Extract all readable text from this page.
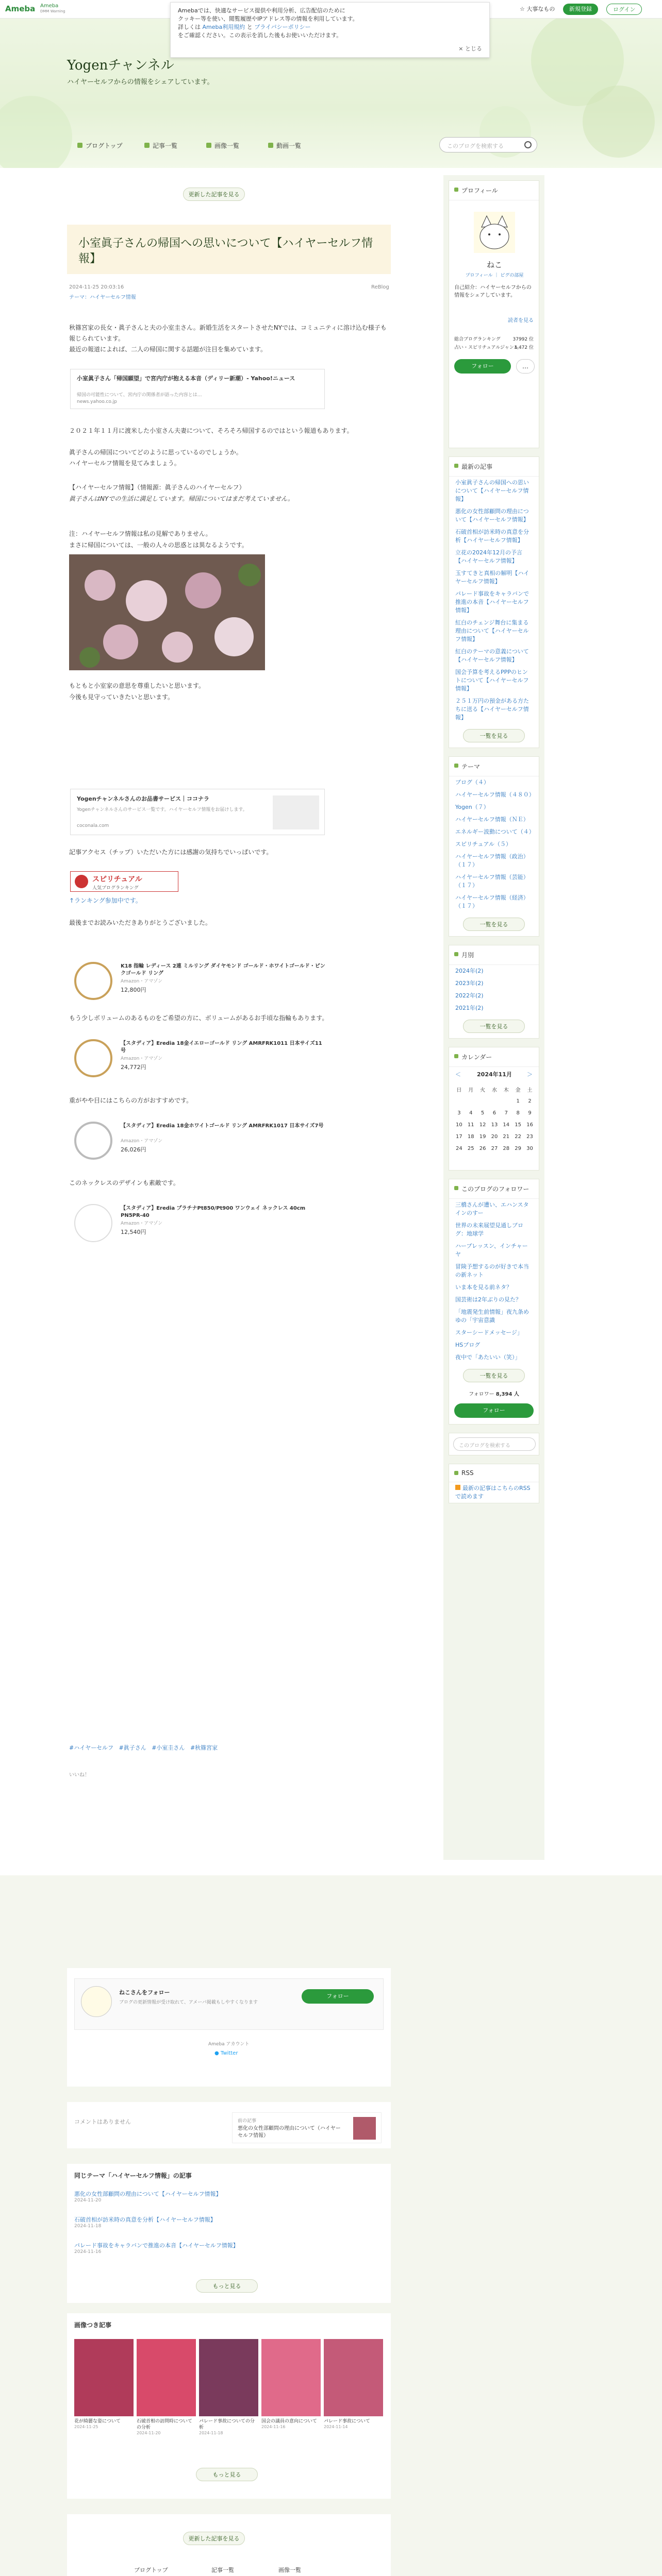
Ameba Ameba
DMM Warning	☆ 大事なもの	新規登録	ログイン
Amebaでは、快適なサービス提供や利用分析、広告配信のために
クッキー等を使い、閲覧履歴やIPアドレス等の情報を利用しています。
詳しくは Ameba利用規約 と プライバシーポリシー
をご確認ください。この表示を消した後もお使いいただけます。
× とじる
Yogenチャンネル
ハイヤーセルフからの情報をシェアしています。
ブログトップ	記事一覧	画像一覧	動画一覧	このブログを検索する
更新した記事を見る
小室眞子さんの帰国への思いについて【ハイヤーセルフ情報】
2024-11-25 20:03:16	ReBlog
テーマ：ハイヤーセルフ情報
秋篠宮家の長女・眞子さんと夫の小室圭さん。新婚生活をスタートさせたNYでは、コミュニティに溶け込む様子も報じられています。
最近の報道によれば、二人の帰国に関する話題が注目を集めています。
小室眞子さん「帰国願望」で宮内庁が抱える本音（ディリー新潮）- Yahoo!ニュース
帰国の可能性について、宮内庁の関係者が語った内容とは…
news.yahoo.co.jp
２０２１年１１月に渡米した小室さん夫妻について、そろそろ帰国するのではという報道もあります。
眞子さんの帰国についてどのように思っているのでしょうか。
ハイヤーセルフ情報を見てみましょう。
【ハイヤーセルフ情報】（情報源：眞子さんのハイヤーセルフ）
眞子さんはNYでの生活に満足しています。帰国についてはまだ考えていません。
注：ハイヤーセルフ情報は私の見解でありません。
まさに帰国については、一般の人々の思惑とは異なるようです。
もともと小室家の意思を尊重したいと思います。
今後も見守っていきたいと思います。
Yogenチャンネルさんのお品書サービス｜ココナラ
Yogenチャンネルさんのサービス一覧です。ハイヤーセルフ情報をお届けします。
coconala.com
記事アクセス（チップ）いただいた方には感謝の気持ちでいっぱいです。
スピリチュアル
人気ブログランキング
↑ランキング参加中です。
最後までお読みいただきありがとうございました。
K18 指輪 レディース 2連 ミルリング ダイヤモンド ゴールド・ホワイトゴールド・ピンクゴールド リング
Amazon・アマゾン
12,800円
もう少しボリュームのあるものをご希望の方に、ボリュームがあるお手頃な指輪もあります。
【スタディア】Eredia 18金イエローゴールド リング AMRFRK1011 日本サイズ11号
Amazon・アマゾン
24,772円
重がやや目にはこちらの方がおすすめです。
【スタディア】Eredia 18金ホワイトゴールド リング AMRFRK1017 日本サイズ7号
Amazon・アマゾン
26,026円
このネックレスのデザインも素敵です。
【スタディア】Eredia プラチナPt850/Pt900 ワンウェイ ネックレス 40cm PN5PR-40
Amazon・アマゾン
12,540円
#ハイヤーセルフ #眞子さん #小室圭さん #秋篠宮家
いいね！
プロフィール
ねこ
プロフィール ｜ ピグの部屋
自己紹介：ハイヤーセルフからの情報をシェアしています。
読者を見る
総合ブログランキング	37992 位
占い・スピリチュアルジャンル
1,472 位
フォロー	…
最新の記事
小室眞子さんの帰国への思いについて【ハイヤーセルフ情報】
悪化の女性部顧問の理由について【ハイヤーセルフ情報】
石破首相が訪米時の真意を分析【ハイヤーセルフ情報】
立花の2024年12月の予言【ハイヤーセルフ情報】
玉すてきと真相の解明【ハイヤーセルフ情報】
パレード事故をキャラバンで推進の本音【ハイヤーセルフ情報】
紅白のチェンジ舞台に集まる理由について【ハイヤーセルフ情報】
紅白のテーマの意義について【ハイヤーセルフ情報】
国会予算を考えるPPPのヒントについて【ハイヤーセルフ情報】
２５１万円の預金がある方たちに送る【ハイヤーセルフ情報】
一覧を見る
テーマ
ブログ（４）
ハイヤーセルフ情報（４８０）
Yogen（７）
ハイヤーセルフ情報（ＮＥ）
エネルギー波動について（４）
スピリチュアル（５）
ハイヤーセルフ情報（政治）（１７）
ハイヤーセルフ情報（芸能）（１７）
ハイヤーセルフ情報（経済）（１７）
一覧を見る
月別
2024年(2)
2023年(2)
2022年(2)
2021年(2)
一覧を見る
カレンダー
＜	2024年11月	＞
日	月	火	水	木	金	土
					1	2
3	4	5	6	7	8	9
10	11	12	13	14	15	16
17	18	19	20	21	22	23
24	25	26	27	28	29	30
このブログのフォロワー
三橋さんが遭い、エハンスタインのすー
世界の未来展望見通しブログ：地球学
ハーブレッスン、インチャーヤ
冒険予想するのが好きで本当の新ネット
いま本を見る前ネタ？
国芸術は2年ぶりの見た？
「地震発生前情報」夜九条めゆの「宇宙意識
スターシードメッセージ」
HSブログ
夜中で「あたいい（笑）」
一覧を見る
フォロワー 8,394 人
フォロー
このブログを検索する
RSS
最新の記事はこちらのRSSで読めます
ねこさんをフォロー
ブログの更新情報が受け取れて、アメーバ掲載もしやすくなります
フォロー
Ameba アカウント
● Twitter
コメントはありません	前の記事
悪化の女性部顧問の理由について（ハイヤーセルフ情報）
同じテーマ「ハイヤーセルフ情報」の記事
悪化の女性部顧問の理由について【ハイヤーセルフ情報】
2024-11-20
石破首相が訪米時の真意を分析【ハイヤーセルフ情報】
2024-11-18
パレード事故をキャラバンで推進の本音【ハイヤーセルフ情報】
2024-11-16
もっと見る
画像つき記事
花が綺麗な姿について
2024-11-25
石破首相の訪問時についての分析
2024-11-20
パレード事故についての分析
2024-11-18
国会の議員の意向について
2024-11-16
パレード事故について
2024-11-14
もっと見る
更新した記事を見る
ブログトップ	記事一覧	画像一覧
